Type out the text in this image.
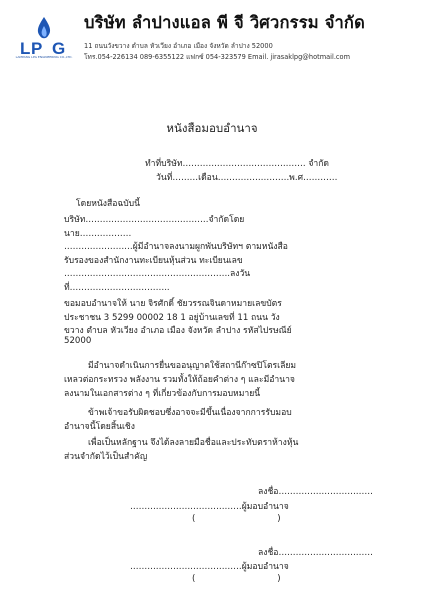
L P G
LAMPANG LPG ENGINEERING CO.,LTD.
บริษัท ลำปางแอล พี จี วิศวกรรม จำกัด
11 ถนนวังขวาง ตำบล หัวเวียง อำเภอ เมือง จังหวัด ลำปาง 52000
โทร.054-226134 089-6355122 แฟกซ์ 054-323579 Email. jirasaklpg@hotmail.com
หนังสือมอบอำนาจ
ทำที่บริษัท……………………………………. จำกัด
วันที่………เดือน…………………….พ.ศ…………
โดยหนังสือฉบับนี้
บริษัท…………………………………….จำกัดโดย
นาย………………
……………………ผู้มีอำนาจลงนามผูกพันบริษัทฯ ตามหนังสือ
รับรองของสำนักงานทะเบียนหุ้นส่วน ทะเบียนเลข
………………………………………………….ลงวัน
ที่……………………………..
ขอมอบอำนาจให้ นาย จิรศักดิ์ ชัยวรรณจินดาหมายเลขบัตร
ประชาชน 3 5299 00002 18 1 อยู่บ้านเลขที่ 11 ถนน วัง
ขวาง ตำบล หัวเวียง อำเภอ เมือง จังหวัด ลำปาง รหัสไปรษณีย์
52000
มีอำนาจดำเนินการยื่นขออนุญาตใช้สถานีก๊าซปิโตรเลียม
เหลวต่อกระทรวง พลังงาน รวมทั้งให้ถ้อยคำต่าง ๆ และมีอำนาจ
ลงนามในเอกสารต่าง ๆ ที่เกี่ยวข้องกับการมอบหมายนี้
ข้าพเจ้าขอรับผิดชอบซึ่งอาจจะมีขึ้นเนื่องจากการรับมอบ
อำนาจนี้โดยสิ้นเชิง
เพื่อเป็นหลักฐาน จึงได้ลงลายมือชื่อและประทับตราห้างหุ้น
ส่วนจำกัดไว้เป็นสำคัญ
ลงชื่อ……………………………
…………………………………ผู้มอบอำนาจ
(                              )
ลงชื่อ……………………………
…………………………………ผู้มอบอำนาจ
(                              )
